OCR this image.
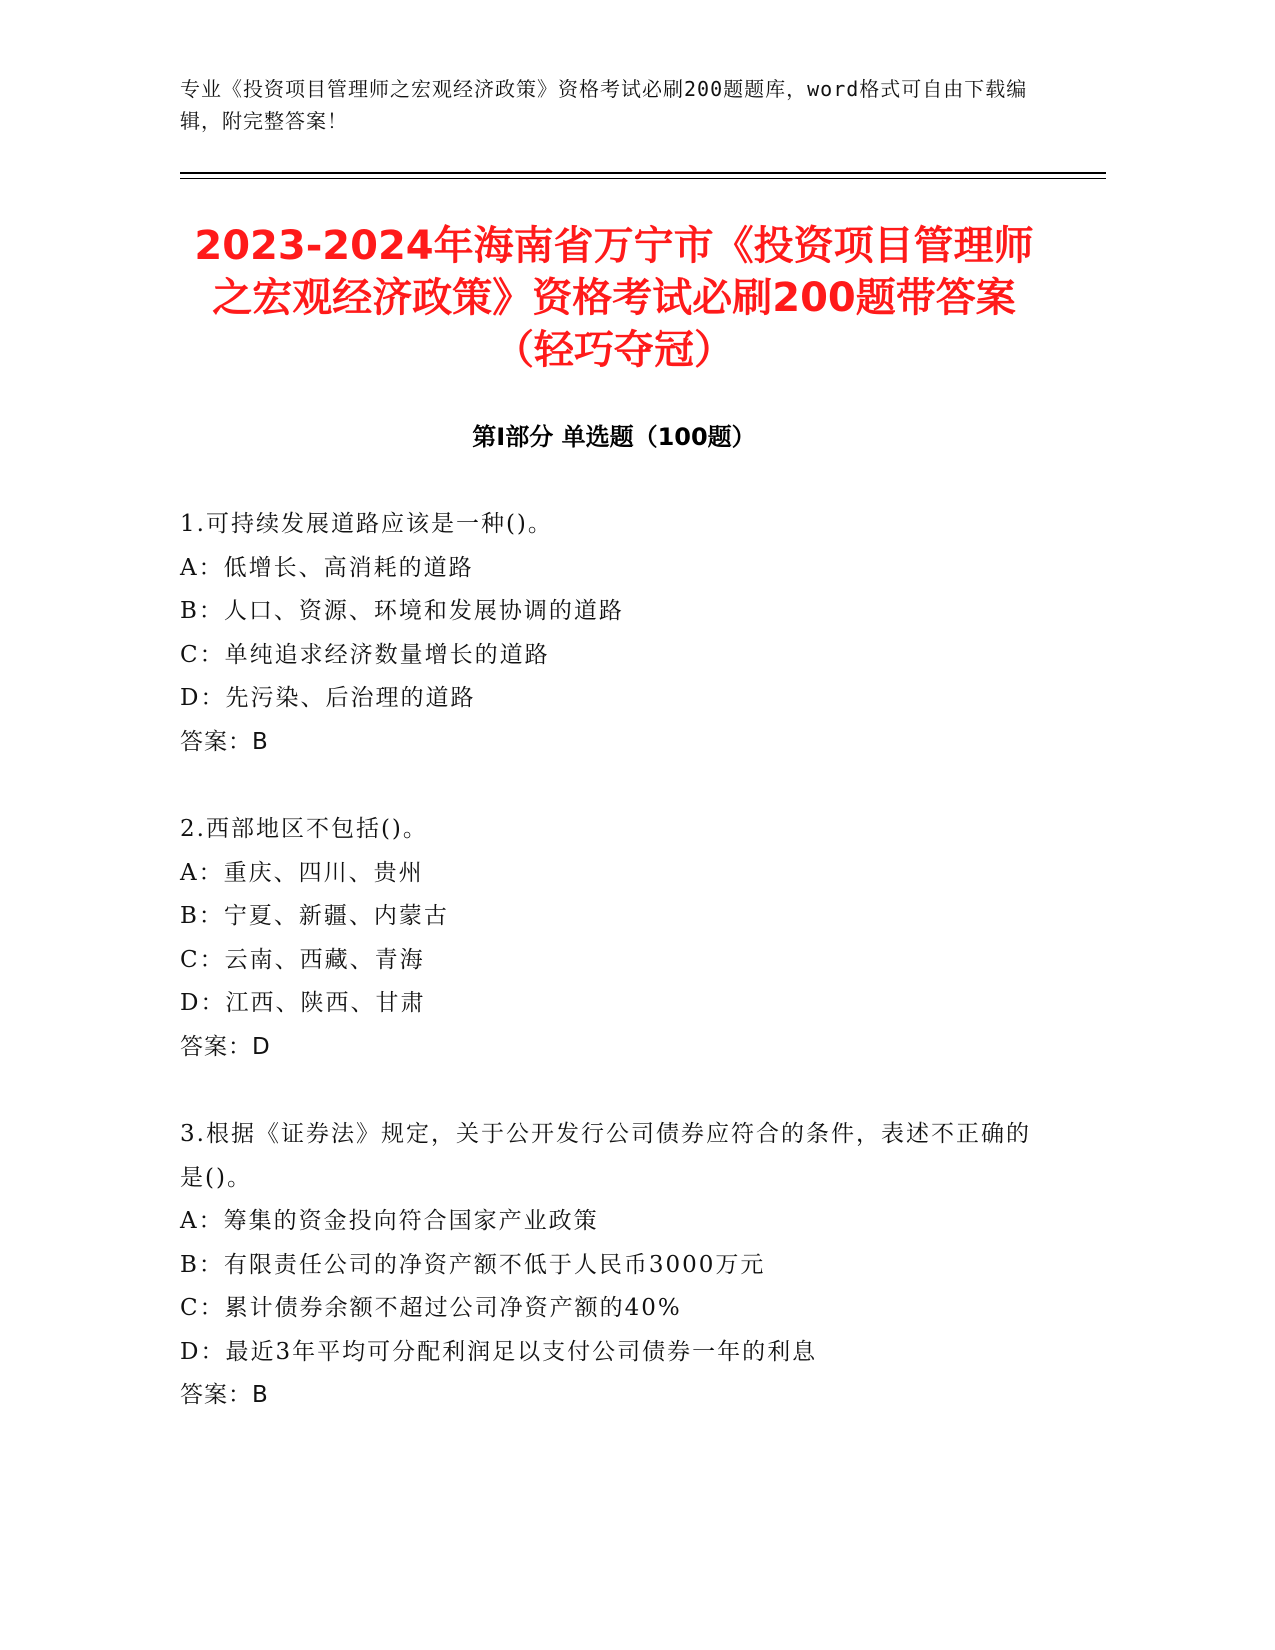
专业《投资项目管理师之宏观经济政策》资格考试必刷200题题库，word格式可自由下载编辑，附完整答案！
2023-2024年海南省万宁市《投资项目管理师之宏观经济政策》资格考试必刷200题带答案（轻巧夺冠）
第Ⅰ部分 单选题（100题）
1.可持续发展道路应该是一种()。
A：低增长、高消耗的道路
B：人口、资源、环境和发展协调的道路
C：单纯追求经济数量增长的道路
D：先污染、后治理的道路
答案：B
2.西部地区不包括()。
A：重庆、四川、贵州
B：宁夏、新疆、内蒙古
C：云南、西藏、青海
D：江西、陕西、甘肃
答案：D
3.根据《证券法》规定，关于公开发行公司债券应符合的条件，表述不正确的是()。
A：筹集的资金投向符合国家产业政策
B：有限责任公司的净资产额不低于人民币3000万元
C：累计债券余额不超过公司净资产额的40%
D：最近3年平均可分配利润足以支付公司债券一年的利息
答案：B
